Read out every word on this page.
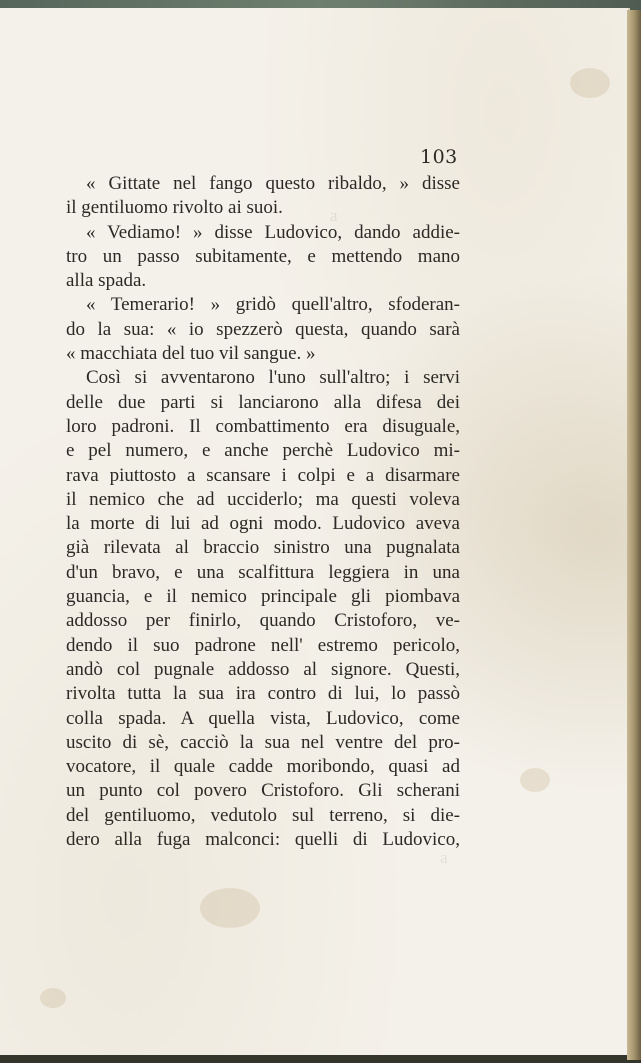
a
a
103
« Gittate nel fango questo ribaldo, » disse
il gentiluomo rivolto ai suoi.
« Vediamo! » disse Ludovico, dando addie-
tro un passo subitamente, e mettendo mano
alla spada.
« Temerario! » gridò quell'altro, sfoderan-
do la sua: « io spezzerò questa, quando sarà
« macchiata del tuo vil sangue. »
Così si avventarono l'uno sull'altro; i servi
delle due parti si lanciarono alla difesa dei
loro padroni. Il combattimento era disuguale,
e pel numero, e anche perchè Ludovico mi-
rava piuttosto a scansare i colpi e a disarmare
il nemico che ad ucciderlo; ma questi voleva
la morte di lui ad ogni modo. Ludovico aveva
già rilevata al braccio sinistro una pugnalata
d'un bravo, e una scalfittura leggiera in una
guancia, e il nemico principale gli piombava
addosso per finirlo, quando Cristoforo, ve-
dendo il suo padrone nell' estremo pericolo,
andò col pugnale addosso al signore. Questi,
rivolta tutta la sua ira contro di lui, lo passò
colla spada. A quella vista, Ludovico, come
uscito di sè, cacciò la sua nel ventre del pro-
vocatore, il quale cadde moribondo, quasi ad
un punto col povero Cristoforo. Gli scherani
del gentiluomo, vedutolo sul terreno, si die-
dero alla fuga malconci: quelli di Ludovico,
